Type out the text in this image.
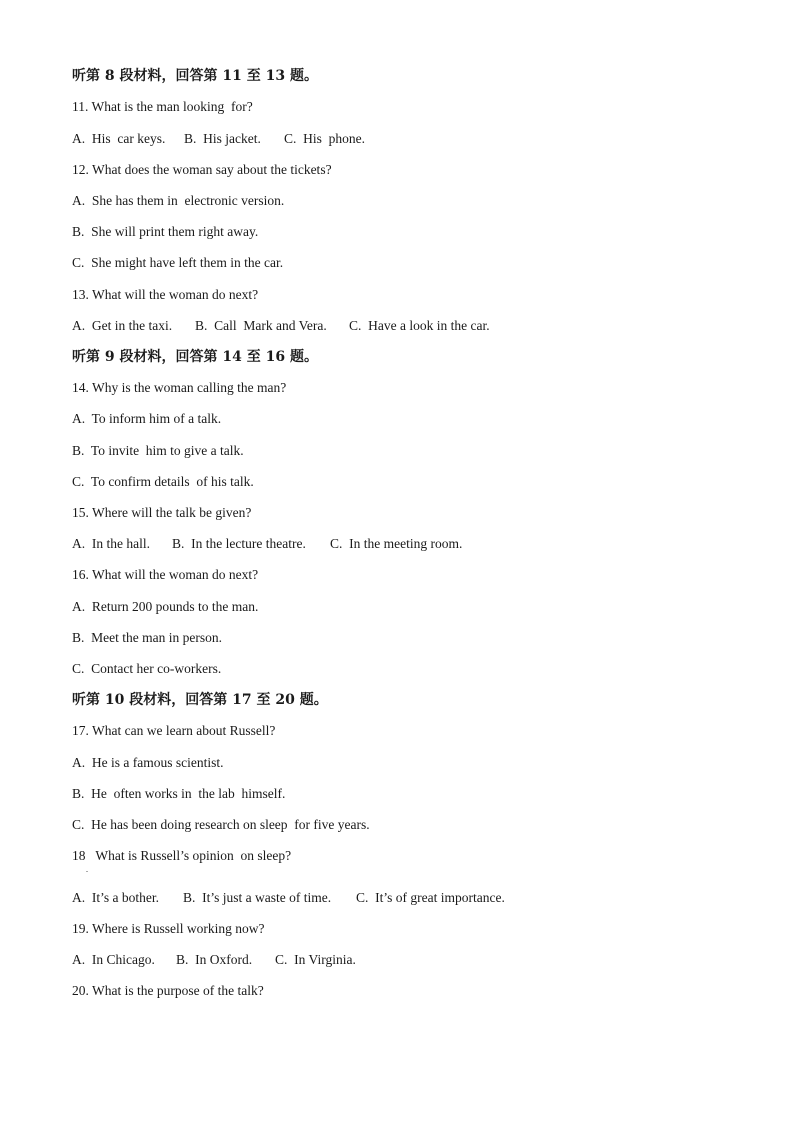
听第 8 段材料，回答第 11 至 13 题。
11. What is the man looking  for?
A.  His  car keys. B.  His jacket. C.  His  phone.
12. What does the woman say about the tickets?
A.  She has them in  electronic version.
B.  She will print them right away.
C.  She might have left them in the car.
13. What will the woman do next?
A.  Get in the taxi. B.  Call  Mark and Vera. C.  Have a look in the car.
听第 9 段材料，回答第 14 至 16 题。
14. Why is the woman calling the man?
A.  To inform him of a talk.
B.  To invite  him to give a talk.
C.  To confirm details  of his talk.
15. Where will the talk be given?
A.  In the hall. B.  In the lecture theatre. C.  In the meeting room.
16. What will the woman do next?
A.  Return 200 pounds to the man.
B.  Meet the man in person.
C.  Contact her co-workers.
听第 10 段材料，回答第 17 至 20 题。
17. What can we learn about Russell?
A.  He is a famous scientist.
B.  He  often works in  the lab  himself.
C.  He has been doing research on sleep  for five years.
18   What is Russell’s opinion  on sleep?
.
A.  It’s a bother. B.  It’s just a waste of time. C.  It’s of great importance.
19. Where is Russell working now?
A.  In Chicago. B.  In Oxford. C.  In Virginia.
20. What is the purpose of the talk?
